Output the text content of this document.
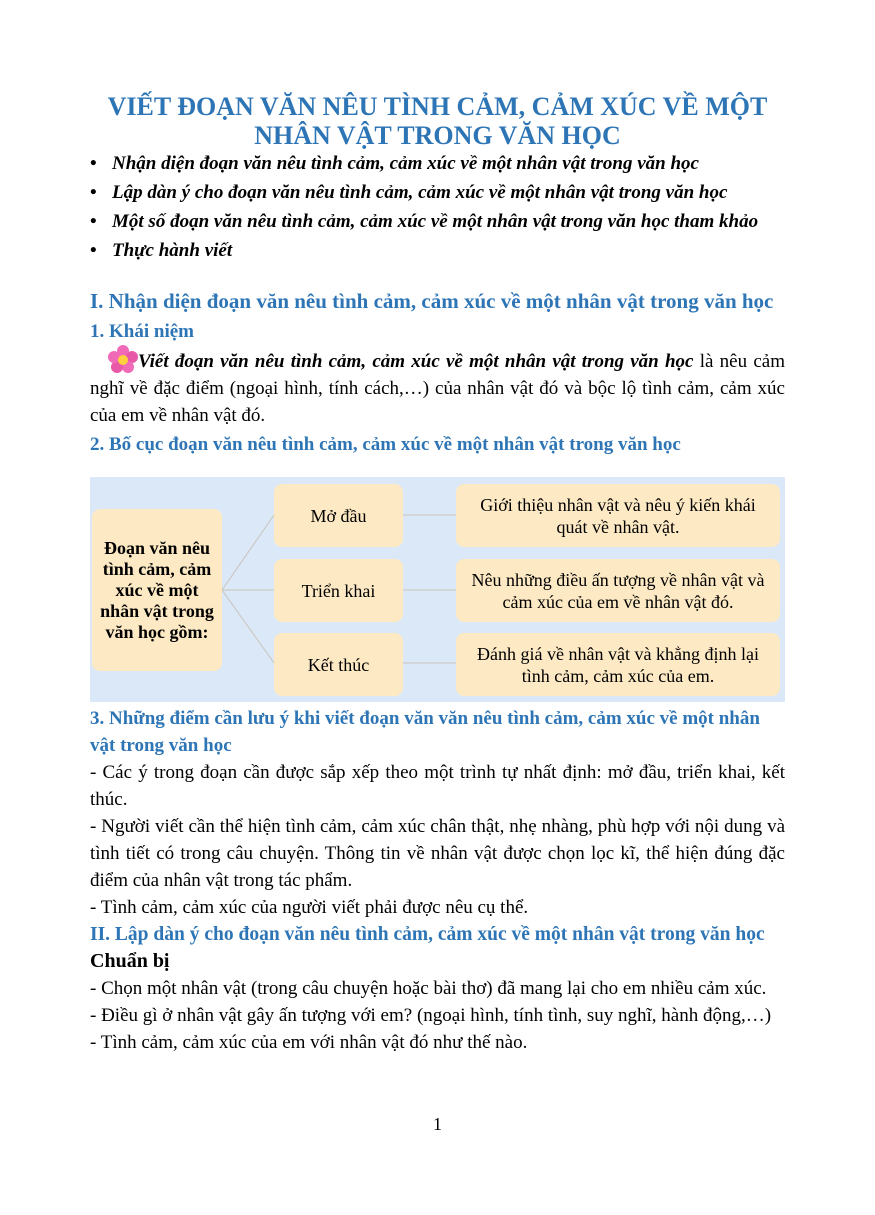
VIẾT ĐOẠN VĂN NÊU TÌNH CẢM, CẢM XÚC VỀ MỘT NHÂN VẬT TRONG VĂN HỌC
• Nhận diện đoạn văn nêu tình cảm, cảm xúc về một nhân vật trong văn học
• Lập dàn ý cho đoạn văn nêu tình cảm, cảm xúc về một nhân vật trong văn học
• Một số đoạn văn nêu tình cảm, cảm xúc về một nhân vật trong văn học tham khảo
• Thực hành viết
I. Nhận diện đoạn văn nêu tình cảm, cảm xúc về một nhân vật trong văn học
1. Khái niệm
Viết đoạn văn nêu tình cảm, cảm xúc về một nhân vật trong văn học là nêu cảm nghĩ về đặc điểm (ngoại hình, tính cách,…) của nhân vật đó và bộc lộ tình cảm, cảm xúc của em về nhân vật đó.
2. Bố cục đoạn văn nêu tình cảm, cảm xúc về một nhân vật trong văn học
Đoạn văn nêu tình cảm, cảm xúc về một nhân vật trong văn học gồm:
Mở đầu
Triển khai
Kết thúc
Giới thiệu nhân vật và nêu ý kiến khái quát về nhân vật.
Nêu những điều ấn tượng về nhân vật và cảm xúc của em về nhân vật đó.
Đánh giá về nhân vật và khẳng định lại tình cảm, cảm xúc của em.
3. Những điểm cần lưu ý khi viết đoạn văn văn nêu tình cảm, cảm xúc về một nhân vật trong văn học
- Các ý trong đoạn cần được sắp xếp theo một trình tự nhất định: mở đầu, triển khai, kết thúc.
- Người viết cần thể hiện tình cảm, cảm xúc chân thật, nhẹ nhàng, phù hợp với nội dung và tình tiết có trong câu chuyện. Thông tin về nhân vật được chọn lọc kĩ, thể hiện đúng đặc điểm của nhân vật trong tác phẩm.
- Tình cảm, cảm xúc của người viết phải được nêu cụ thể.
II. Lập dàn ý cho đoạn văn nêu tình cảm, cảm xúc về một nhân vật trong văn học
Chuẩn bị
- Chọn một nhân vật (trong câu chuyện hoặc bài thơ) đã mang lại cho em nhiều cảm xúc.
- Điều gì ở nhân vật gây ấn tượng với em? (ngoại hình, tính tình, suy nghĩ, hành động,…)
- Tình cảm, cảm xúc của em với nhân vật đó như thế nào.
1
